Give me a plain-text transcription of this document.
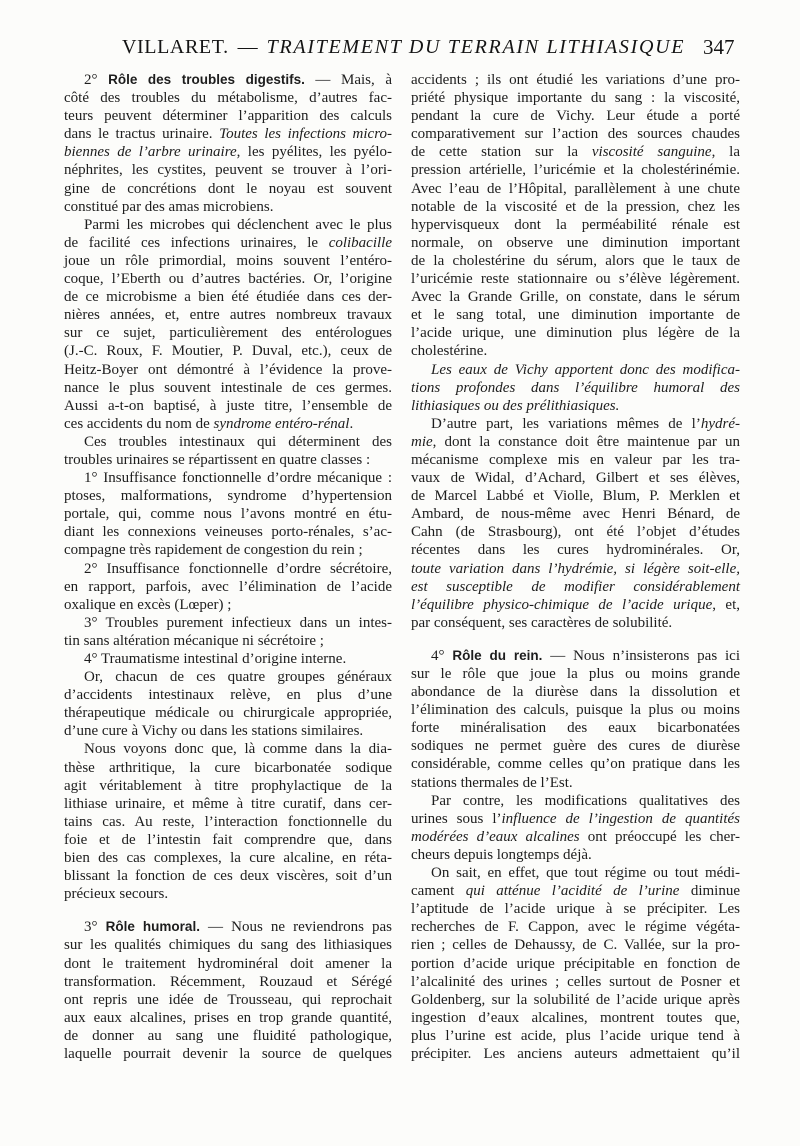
VILLARET. — TRAITEMENT DU TERRAIN LITHIASIQUE 347
2° Rôle des troubles digestifs. — Mais, à
côté des troubles du métabolisme, d’autres fac-
teurs peuvent déterminer l’apparition des calculs
dans le tractus urinaire. Toutes les infections micro-
biennes de l’arbre urinaire, les pyélites, les pyélo-
néphrites, les cystites, peuvent se trouver à l’ori-
gine de concrétions dont le noyau est souvent
constitué par des amas microbiens.
Parmi les microbes qui déclenchent avec le plus
de facilité ces infections urinaires, le colibacille
joue un rôle primordial, moins souvent l’entéro-
coque, l’Eberth ou d’autres bactéries. Or, l’origine
de ce microbisme a bien été étudiée dans ces der-
nières années, et, entre autres nombreux travaux
sur ce sujet, particulièrement des entérologues
(J.-C. Roux, F. Moutier, P. Duval, etc.), ceux de
Heitz-Boyer ont démontré à l’évidence la prove-
nance le plus souvent intestinale de ces germes.
Aussi a-t-on baptisé, à juste titre, l’ensemble de
ces accidents du nom de syndrome entéro-rénal.
Ces troubles intestinaux qui déterminent des
troubles urinaires se répartissent en quatre classes :
1° Insuffisance fonctionnelle d’ordre mécanique :
ptoses, malformations, syndrome d’hypertension
portale, qui, comme nous l’avons montré en étu-
diant les connexions veineuses porto-rénales, s’ac-
compagne très rapidement de congestion du rein ;
2° Insuffisance fonctionnelle d’ordre sécrétoire,
en rapport, parfois, avec l’élimination de l’acide
oxalique en excès (Lœper) ;
3° Troubles purement infectieux dans un intes-
tin sans altération mécanique ni sécrétoire ;
4° Traumatisme intestinal d’origine interne.
Or, chacun de ces quatre groupes généraux
d’accidents intestinaux relève, en plus d’une
thérapeutique médicale ou chirurgicale appropriée,
d’une cure à Vichy ou dans les stations similaires.
Nous voyons donc que, là comme dans la dia-
thèse arthritique, la cure bicarbonatée sodique
agit véritablement à titre prophylactique de la
lithiase urinaire, et même à titre curatif, dans cer-
tains cas. Au reste, l’interaction fonctionnelle du
foie et de l’intestin fait comprendre que, dans
bien des cas complexes, la cure alcaline, en réta-
blissant la fonction de ces deux viscères, soit d’un
précieux secours.
3° Rôle humoral. — Nous ne reviendrons pas
sur les qualités chimiques du sang des lithiasiques
dont le traitement hydrominéral doit amener la
transformation. Récemment, Rouzaud et Sérégé
ont repris une idée de Trousseau, qui reprochait
aux eaux alcalines, prises en trop grande quantité,
de donner au sang une fluidité pathologique,
laquelle pourrait devenir la source de quelques
accidents ; ils ont étudié les variations d’une pro-
priété physique importante du sang : la viscosité,
pendant la cure de Vichy. Leur étude a porté
comparativement sur l’action des sources chaudes
de cette station sur la viscosité sanguine, la
pression artérielle, l’uricémie et la cholestérinémie.
Avec l’eau de l’Hôpital, parallèlement à une chute
notable de la viscosité et de la pression, chez les
hypervisqueux dont la perméabilité rénale est
normale, on observe une diminution important
de la cholestérine du sérum, alors que le taux de
l’uricémie reste stationnaire ou s’élève légèrement.
Avec la Grande Grille, on constate, dans le sérum
et le sang total, une diminution importante de
l’acide urique, une diminution plus légère de la
cholestérine.
Les eaux de Vichy apportent donc des modifica-
tions profondes dans l’équilibre humoral des
lithiasiques ou des prélithiasiques.
D’autre part, les variations mêmes de l’hydré-
mie, dont la constance doit être maintenue par un
mécanisme complexe mis en valeur par les tra-
vaux de Widal, d’Achard, Gilbert et ses élèves,
de Marcel Labbé et Violle, Blum, P. Merklen et
Ambard, de nous-même avec Henri Bénard, de
Cahn (de Strasbourg), ont été l’objet d’études
récentes dans les cures hydrominérales. Or,
toute variation dans l’hydrémie, si légère soit-elle,
est susceptible de modifier considérablement
l’équilibre physico-chimique de l’acide urique, et,
par conséquent, ses caractères de solubilité.
4° Rôle du rein. — Nous n’insisterons pas ici
sur le rôle que joue la plus ou moins grande
abondance de la diurèse dans la dissolution et
l’élimination des calculs, puisque la plus ou moins
forte minéralisation des eaux bicarbonatées
sodiques ne permet guère des cures de diurèse
considérable, comme celles qu’on pratique dans les
stations thermales de l’Est.
Par contre, les modifications qualitatives des
urines sous l’influence de l’ingestion de quantités
modérées d’eaux alcalines ont préoccupé les cher-
cheurs depuis longtemps déjà.
On sait, en effet, que tout régime ou tout médi-
cament qui atténue l’acidité de l’urine diminue
l’aptitude de l’acide urique à se précipiter. Les
recherches de F. Cappon, avec le régime végéta-
rien ; celles de Dehaussy, de C. Vallée, sur la pro-
portion d’acide urique précipitable en fonction de
l’alcalinité des urines ; celles surtout de Posner et
Goldenberg, sur la solubilité de l’acide urique après
ingestion d’eaux alcalines, montrent toutes que,
plus l’urine est acide, plus l’acide urique tend à
précipiter. Les anciens auteurs admettaient qu’il
